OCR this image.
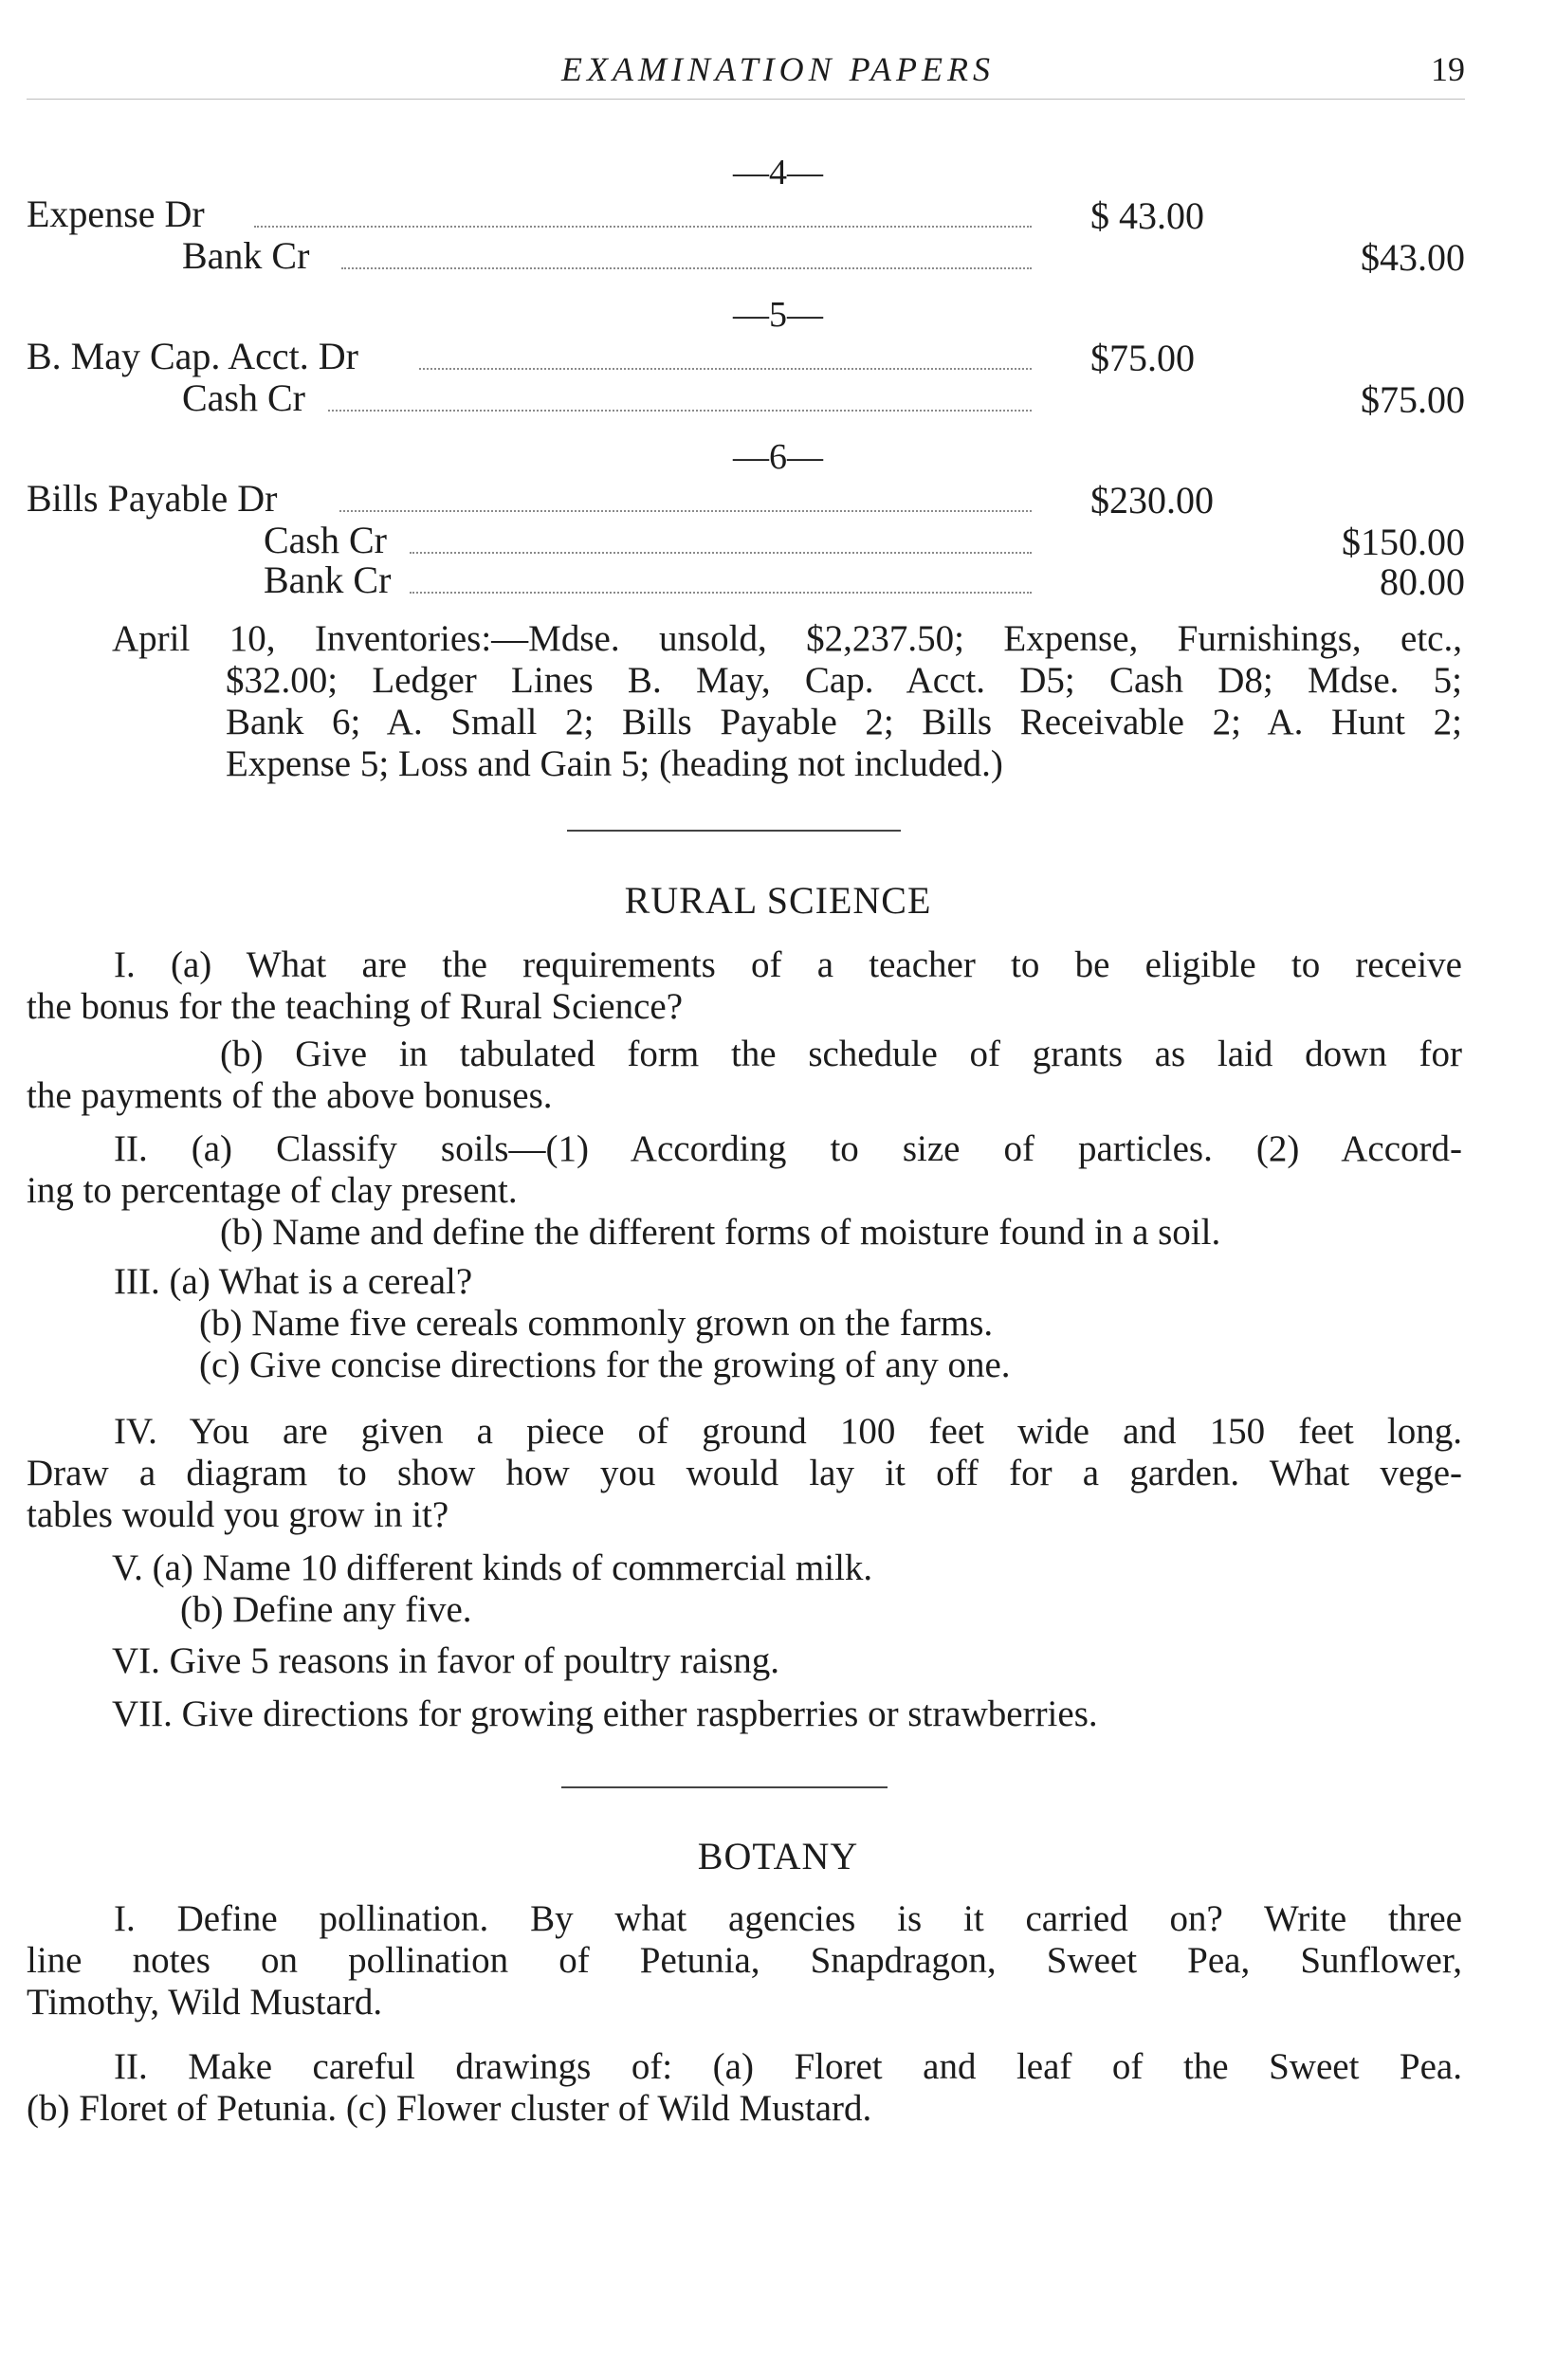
EXAMINATION PAPERS	19
—4—
Expense Dr	$ 43.00
Bank Cr	$43.00
—5—
B. May Cap. Acct. Dr	$75.00
Cash Cr	$75.00
—6—
Bills Payable Dr	$230.00
Cash Cr	$150.00
Bank Cr	80.00
April 10, Inventories:—Mdse. unsold, $2,237.50; Expense, Furnishings, etc.,
$32.00; Ledger Lines B. May, Cap. Acct. D5; Cash D8; Mdse. 5;
Bank 6; A. Small 2; Bills Payable 2; Bills Receivable 2; A. Hunt 2;
Expense 5; Loss and Gain 5; (heading not included.)
RURAL SCIENCE
I. (a) What are the requirements of a teacher to be eligible to receive
the bonus for the teaching of Rural Science?
(b) Give in tabulated form the schedule of grants as laid down for
the payments of the above bonuses.
II. (a) Classify soils—(1) According to size of particles. (2) Accord-
ing to percentage of clay present.
(b) Name and define the different forms of moisture found in a soil.
III. (a) What is a cereal?
(b) Name five cereals commonly grown on the farms.
(c) Give concise directions for the growing of any one.
IV. You are given a piece of ground 100 feet wide and 150 feet long.
Draw a diagram to show how you would lay it off for a garden. What vege-
tables would you grow in it?
V. (a) Name 10 different kinds of commercial milk.
(b) Define any five.
VI. Give 5 reasons in favor of poultry raisng.
VII. Give directions for growing either raspberries or strawberries.
BOTANY
I. Define pollination. By what agencies is it carried on? Write three
line notes on pollination of Petunia, Snapdragon, Sweet Pea, Sunflower,
Timothy, Wild Mustard.
II. Make careful drawings of: (a) Floret and leaf of the Sweet Pea.
(b) Floret of Petunia. (c) Flower cluster of Wild Mustard.
